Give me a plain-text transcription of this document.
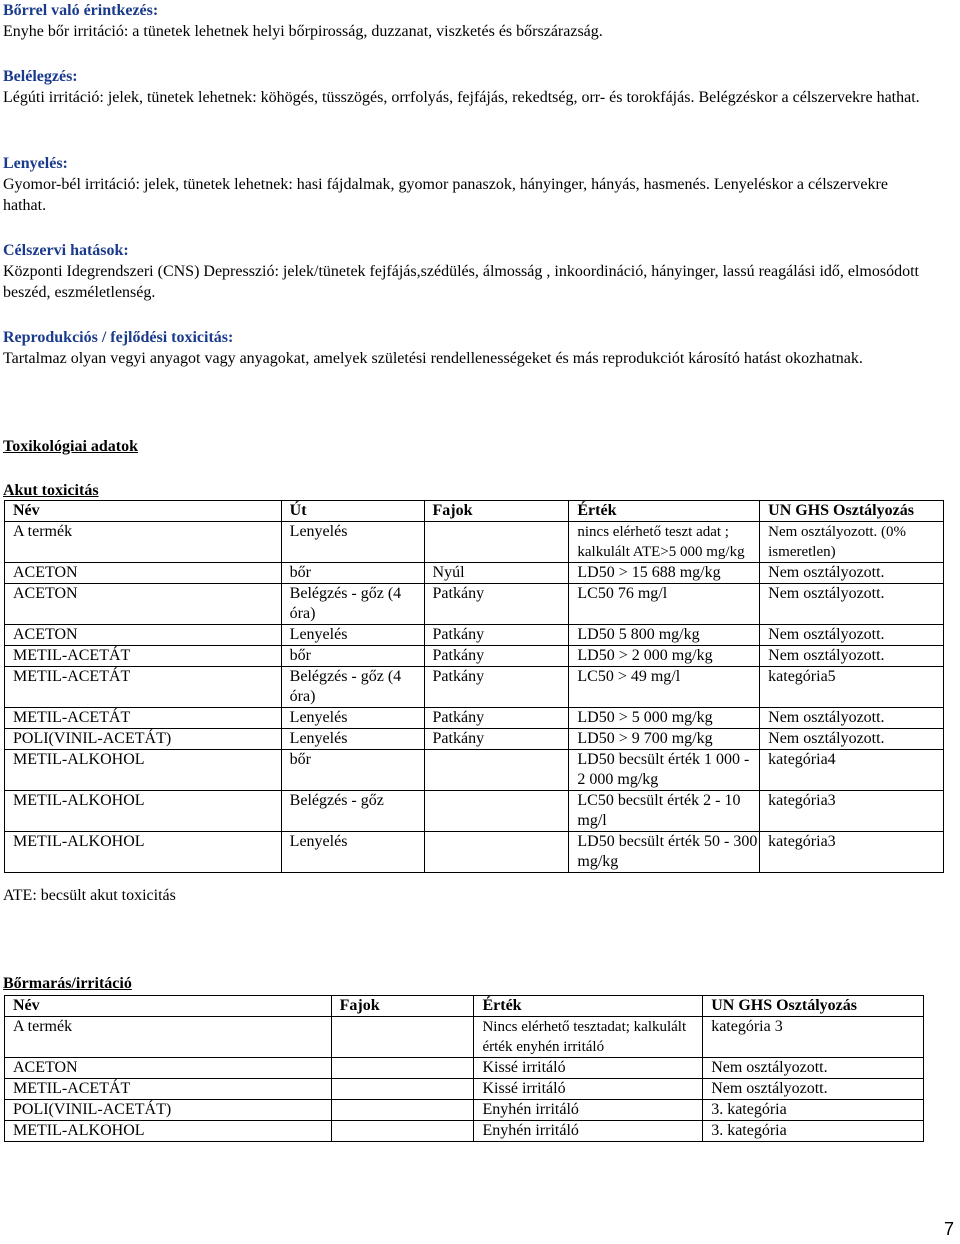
Bőrrel való érintkezés:
Enyhe bőr irritáció: a tünetek lehetnek helyi bőrpirosság, duzzanat, viszketés és bőrszárazság.
Belélegzés:
Légúti irritáció: jelek, tünetek lehetnek: köhögés, tüsszögés, orrfolyás, fejfájás, rekedtség, orr- és torokfájás. Belégzéskor a célszervekre hathat.
Lenyelés:
Gyomor-bél irritáció: jelek, tünetek lehetnek: hasi fájdalmak, gyomor panaszok, hányinger, hányás, hasmenés. Lenyeléskor a célszervekre hathat.
Célszervi hatások:
Központi Idegrendszeri (CNS) Depresszió: jelek/tünetek fejfájás,szédülés, álmosság , inkoordináció, hányinger, lassú reagálási idő, elmosódott beszéd, eszméletlenség.
Reprodukciós / fejlődési toxicitás:
Tartalmaz olyan vegyi anyagot vagy anyagokat, amelyek születési rendellenességeket és más reprodukciót károsító hatást okozhatnak.
Toxikológiai adatok
Akut toxicitás
Név	Út	Fajok	Érték	UN GHS Osztályozás
A termék	Lenyelés		nincs elérhető teszt adat ; kalkulált ATE>5 000 mg/kg	Nem osztályozott. (0% ismeretlen)
ACETON	bőr	Nyúl	LD50 > 15 688 mg/kg	Nem osztályozott.
ACETON	Belégzés - gőz (4 óra)	Patkány	LC50 76 mg/l	Nem osztályozott.
ACETON	Lenyelés	Patkány	LD50 5 800 mg/kg	Nem osztályozott.
METIL-ACETÁT	bőr	Patkány	LD50 > 2 000 mg/kg	Nem osztályozott.
METIL-ACETÁT	Belégzés - gőz (4 óra)	Patkány	LC50 > 49 mg/l	kategória5
METIL-ACETÁT	Lenyelés	Patkány	LD50 > 5 000 mg/kg	Nem osztályozott.
POLI(VINIL-ACETÁT)	Lenyelés	Patkány	LD50 > 9 700 mg/kg	Nem osztályozott.
METIL-ALKOHOL	bőr		LD50 becsült érték 1 000 - 2 000 mg/kg	kategória4
METIL-ALKOHOL	Belégzés - gőz		LC50 becsült érték 2 - 10 mg/l	kategória3
METIL-ALKOHOL	Lenyelés		LD50 becsült érték 50 - 300 mg/kg	kategória3
ATE: becsült akut toxicitás
Bőrmarás/irritáció
Név	Fajok	Érték	UN GHS Osztályozás
A termék		Nincs elérhető tesztadat; kalkulált érték enyhén irritáló	kategória 3
ACETON		Kissé irritáló	Nem osztályozott.
METIL-ACETÁT		Kissé irritáló	Nem osztályozott.
POLI(VINIL-ACETÁT)		Enyhén irritáló	3. kategória
METIL-ALKOHOL		Enyhén irritáló	3. kategória
7
